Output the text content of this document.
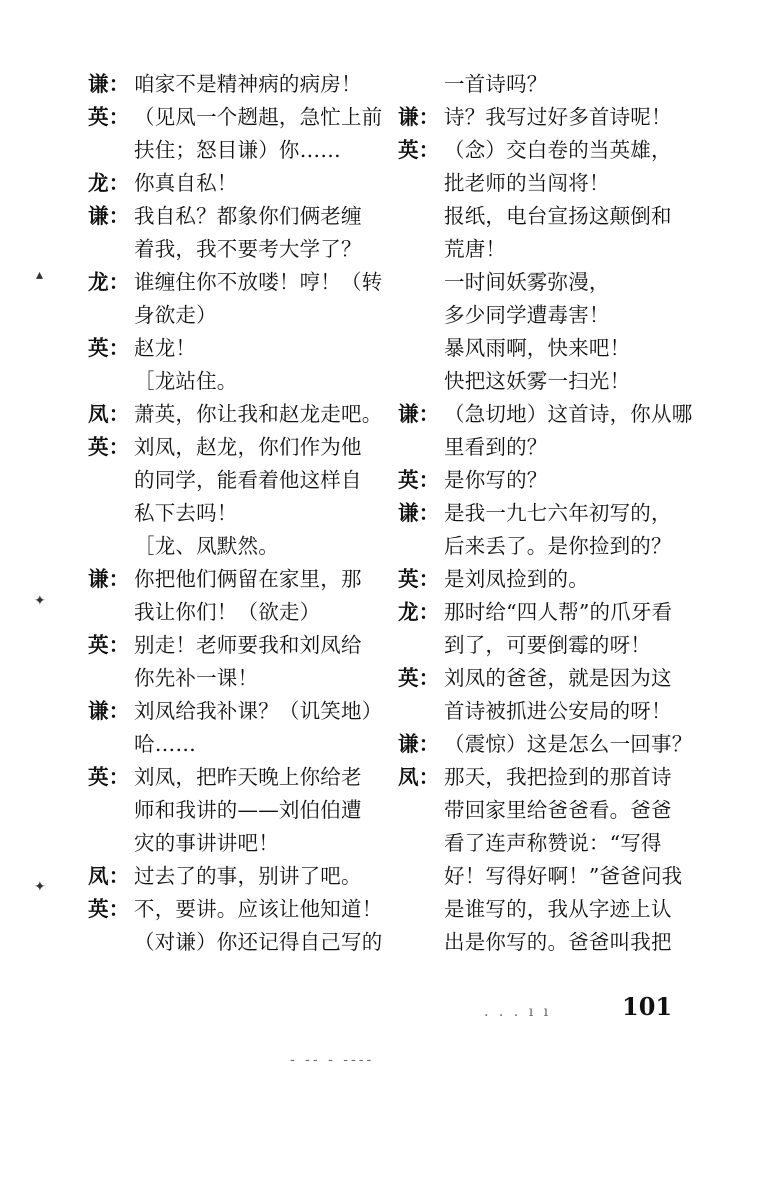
谦： 咱家不是精神病的病房！
英： （见凤一个趔趄，急忙上前
扶住；怒目谦）你……
龙： 你真自私！
谦： 我自私？都象你们俩老缠
着我，我不要考大学了？
龙： 谁缠住你不放喽！哼！（转
身欲走）
英： 赵龙！
［龙站住。
凤： 萧英，你让我和赵龙走吧。
英： 刘凤，赵龙，你们作为他
的同学，能看着他这样自
私下去吗！
［龙、凤默然。
谦： 你把他们俩留在家里，那
我让你们！（欲走）
英： 别走！老师要我和刘凤给
你先补一课！
谦： 刘凤给我补课？（讥笑地）
哈……
英： 刘凤，把昨天晚上你给老
师和我讲的——刘伯伯遭
灾的事讲讲吧！
凤： 过去了的事，别讲了吧。
英： 不，要讲。应该让他知道！
（对谦）你还记得自己写的
一首诗吗？
谦： 诗？我写过好多首诗呢！
英： （念）交白卷的当英雄，
批老师的当闯将！
报纸，电台宣扬这颠倒和
荒唐！
一时间妖雾弥漫，
多少同学遭毒害！
暴风雨啊，快来吧！
快把这妖雾一扫光！
谦： （急切地）这首诗，你从哪
里看到的？
英： 是你写的？
谦： 是我一九七六年初写的，
后来丢了。是你捡到的？
英： 是刘凤捡到的。
龙： 那时给“四人帮”的爪牙看
到了，可要倒霉的呀！
英： 刘凤的爸爸，就是因为这
首诗被抓进公安局的呀！
谦： （震惊）这是怎么一回事？
凤： 那天，我把捡到的那首诗
带回家里给爸爸看。爸爸
看了连声称赞说：“写得
好！写得好啊！”爸爸问我
是谁写的，我从字迹上认
出是你写的。爸爸叫我把
101
▴
✦
✦
. . . ı ı
- -- - ----
